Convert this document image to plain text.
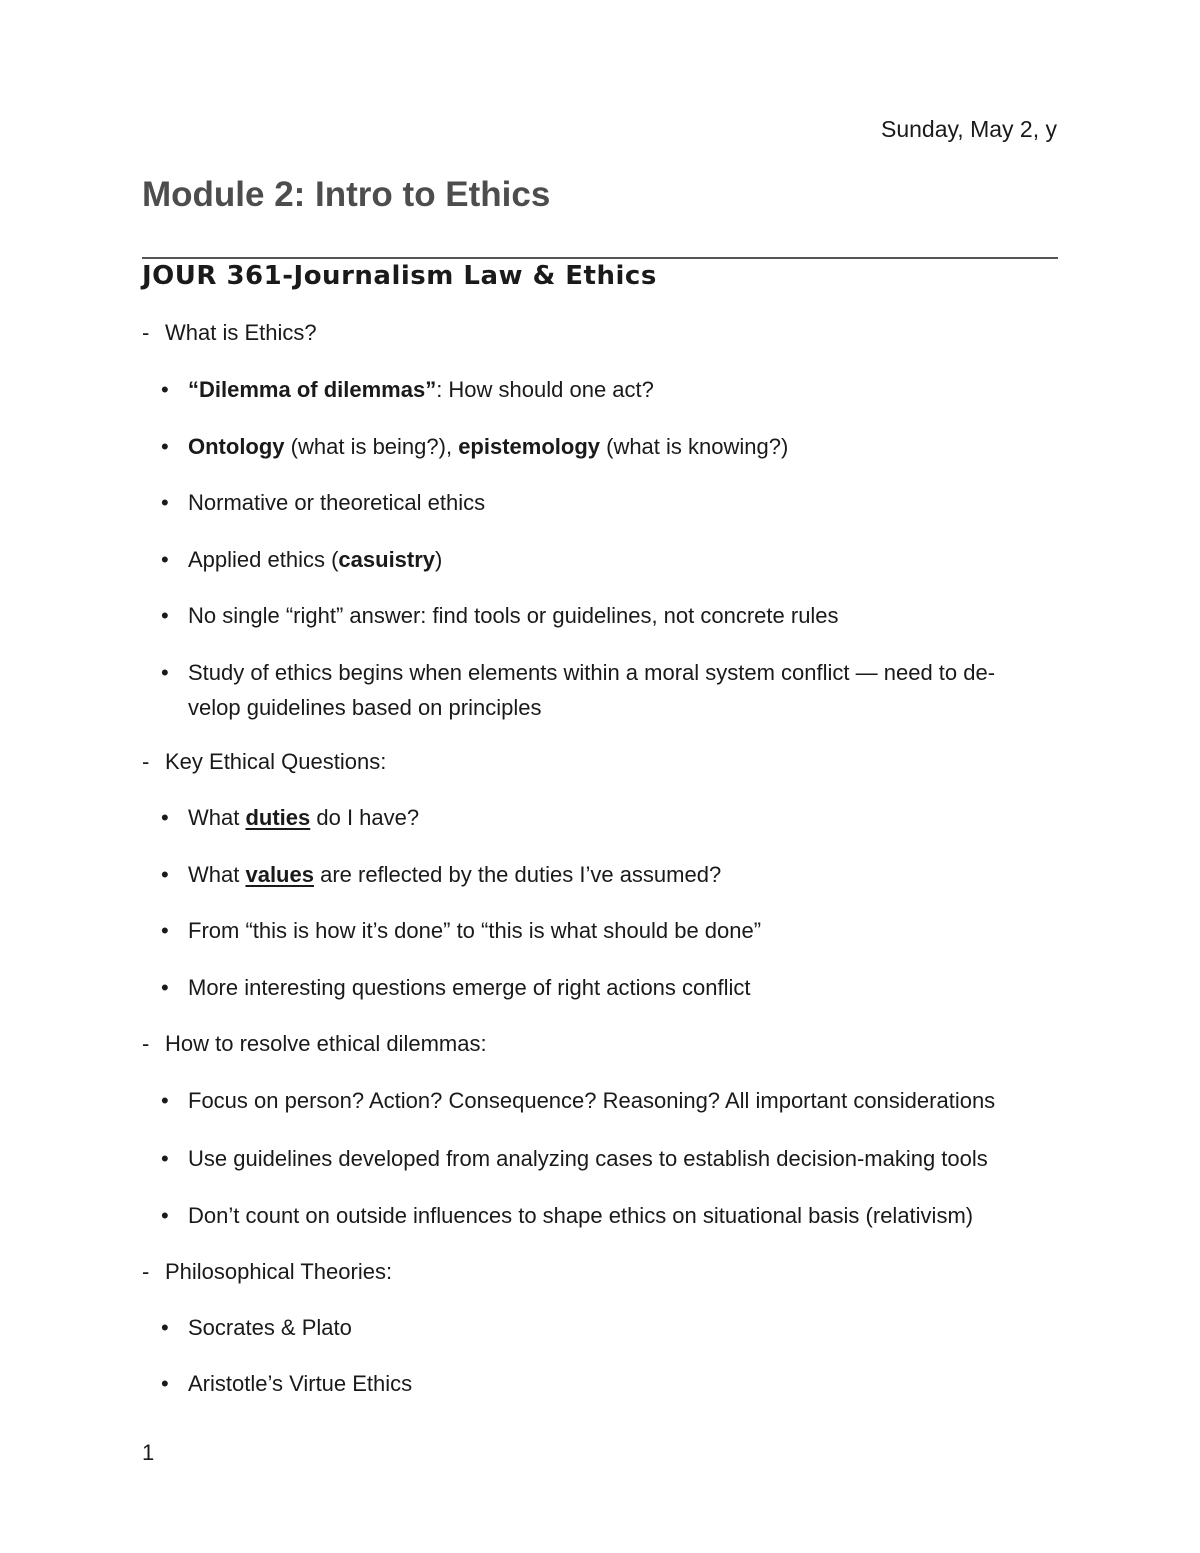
Sunday, May 2, y
Module 2: Intro to Ethics
JOUR 361-Journalism Law & Ethics
- What is Ethics?
• “Dilemma of dilemmas”: How should one act?
• Ontology (what is being?), epistemology (what is knowing?)
• Normative or theoretical ethics
• Applied ethics (casuistry)
• No single “right” answer: find tools or guidelines, not concrete rules
• Study of ethics begins when elements within a moral system conflict — need to de-
velop guidelines based on principles
- Key Ethical Questions:
• What duties do I have?
• What values are reflected by the duties I’ve assumed?
• From “this is how it’s done” to “this is what should be done”
• More interesting questions emerge of right actions conflict
- How to resolve ethical dilemmas:
• Focus on person? Action? Consequence? Reasoning? All important considerations
• Use guidelines developed from analyzing cases to establish decision-making tools
• Don’t count on outside influences to shape ethics on situational basis (relativism)
- Philosophical Theories:
• Socrates & Plato
• Aristotle’s Virtue Ethics
1
